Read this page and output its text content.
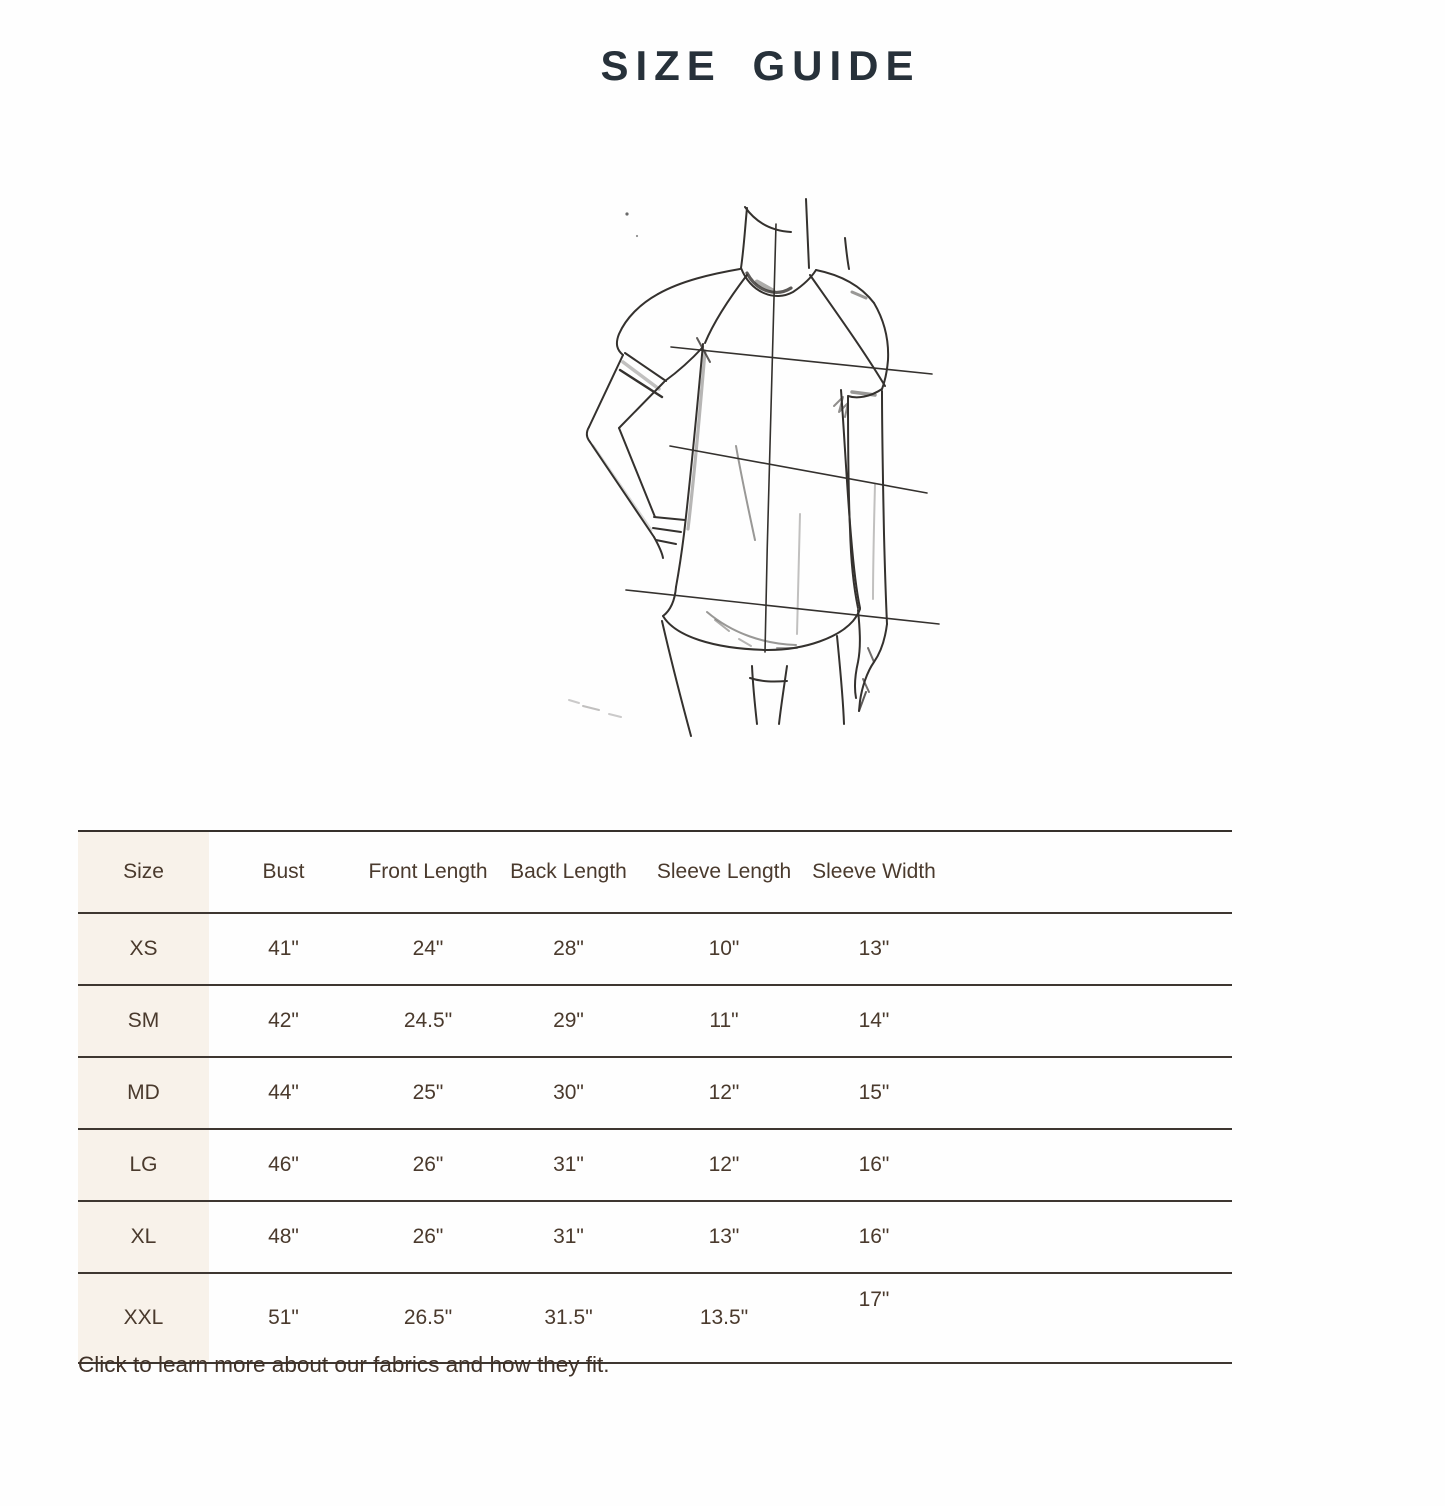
SIZE GUIDE
Size	Bust	Front Length	Back Length	Sleeve Length	Sleeve Width	
XS	41"	24"	28"	10"	13"	
SM	42"	24.5"	29"	11"	14"	
MD	44"	25"	30"	12"	15"	
LG	46"	26"	31"	12"	16"	
XL	48"	26"	31"	13"	16"	
XXL	51"	26.5"	31.5"	13.5"	17"	
Click to learn more about our fabrics and how they fit.
